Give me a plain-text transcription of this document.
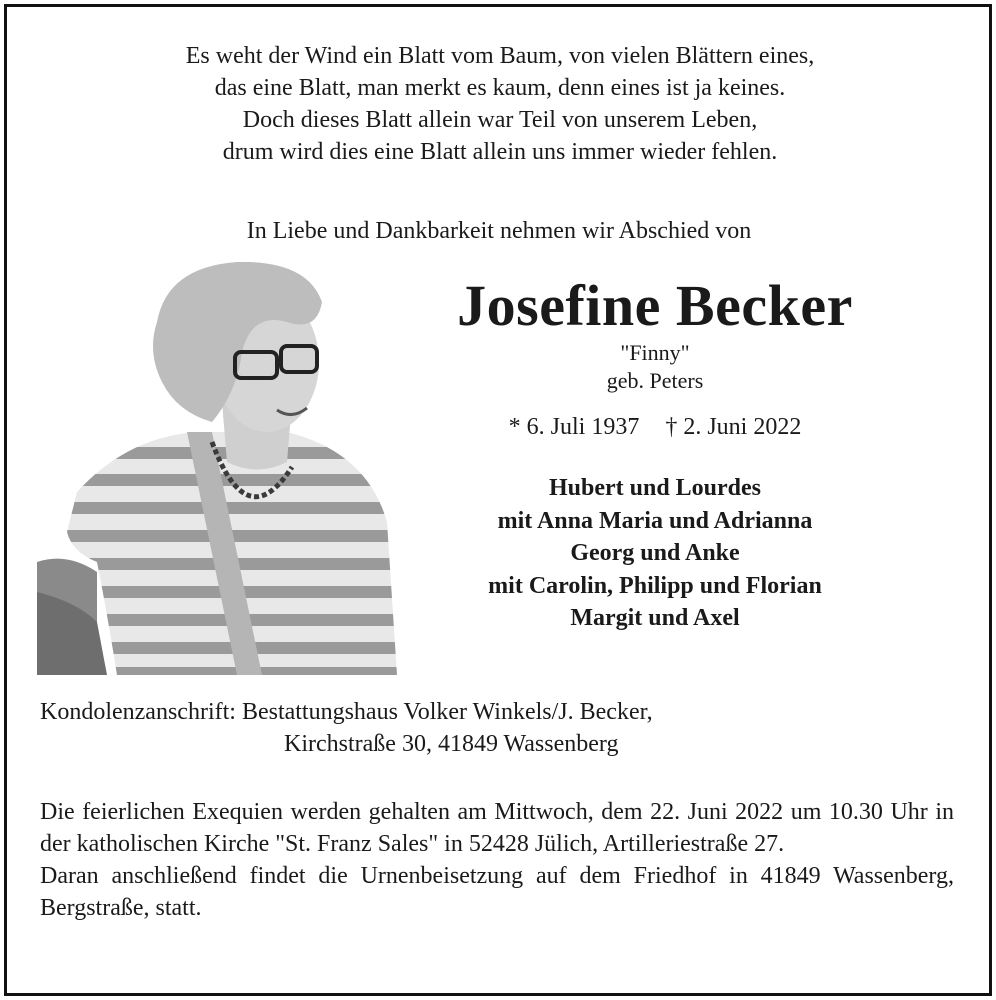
Es weht der Wind ein Blatt vom Baum, von vielen Blättern eines,
das eine Blatt, man merkt es kaum, denn eines ist ja keines.
Doch dieses Blatt allein war Teil von unserem Leben,
drum wird dies eine Blatt allein uns immer wieder fehlen.
In Liebe und Dankbarkeit nehmen wir Abschied von
Josefine Becker
"Finny"
geb. Peters
* 6. Juli 1937 † 2. Juni 2022
Hubert und Lourdes
mit Anna Maria und Adrianna
Georg und Anke
mit Carolin, Philipp und Florian
Margit und Axel
Kondolenzanschrift: Bestattungshaus Volker Winkels/J. Becker,
Kirchstraße 30, 41849 Wassenberg

Die feierlichen Exequien werden gehalten am Mittwoch, dem 22. Juni 2022 um 10.30 Uhr in der katholischen Kirche "St. Franz Sales" in 52428 Jülich, Artilleriestraße 27.

Daran anschließend findet die Urnenbeisetzung auf dem Friedhof in 41849 Wassenberg, Bergstraße, statt.
